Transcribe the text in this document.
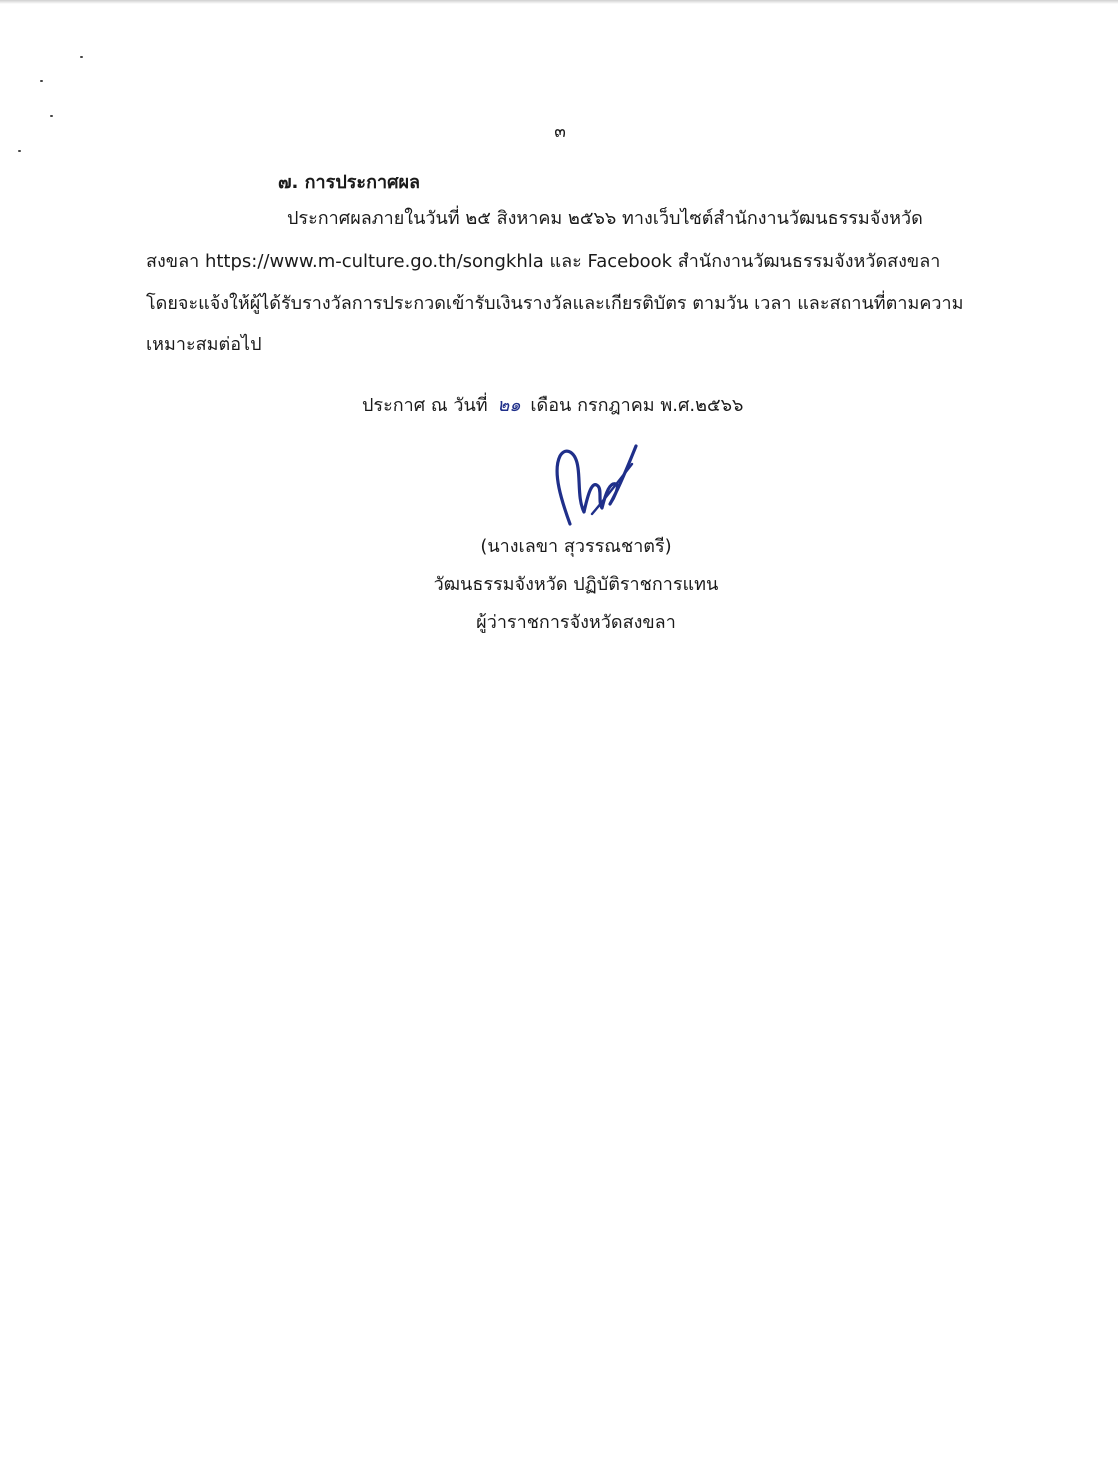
๓
๗. การประกาศผล
ประกาศผลภายในวันที่ ๒๕ สิงหาคม ๒๕๖๖ ทางเว็บไซต์สำนักงานวัฒนธรรมจังหวัด
สงขลา https://www.m-culture.go.th/songkhla และ Facebook สำนักงานวัฒนธรรมจังหวัดสงขลา
โดยจะแจ้งให้ผู้ได้รับรางวัลการประกวดเข้ารับเงินรางวัลและเกียรติบัตร ตามวัน เวลา และสถานที่ตามความ
เหมาะสมต่อไป
ประกาศ ณ วันที่ ๒๑ เดือน กรกฎาคม พ.ศ.๒๕๖๖
(นางเลขา สุวรรณชาตรี)
วัฒนธรรมจังหวัด ปฏิบัติราชการแทน
ผู้ว่าราชการจังหวัดสงขลา
